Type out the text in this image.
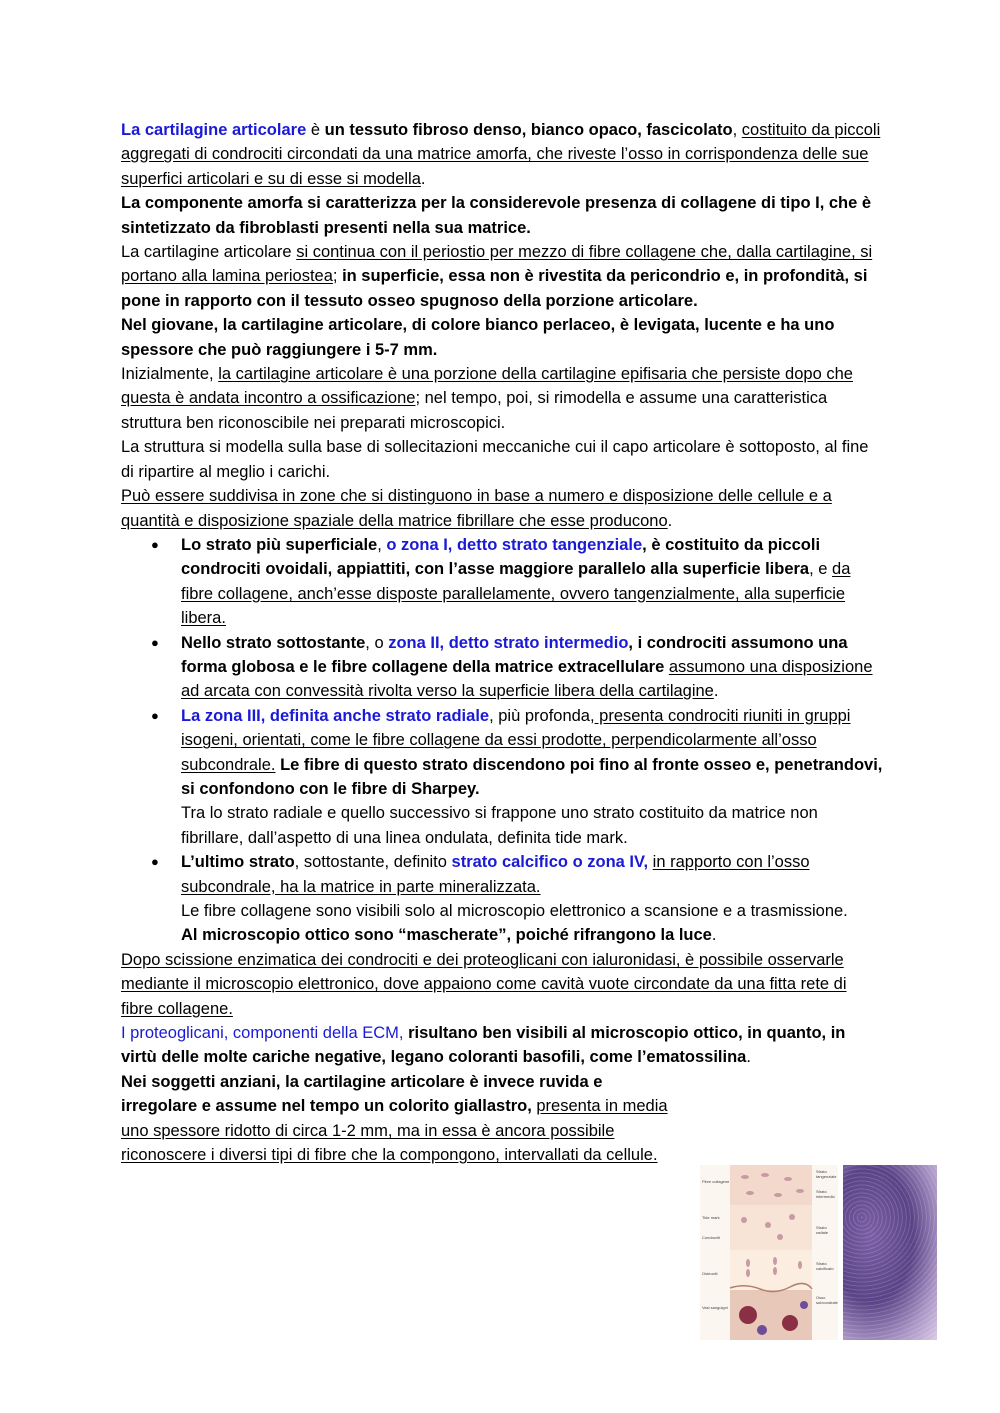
La cartilagine articolare è un tessuto fibroso denso, bianco opaco, fascicolato, costituito da piccoli aggregati di condrociti circondati da una matrice amorfa, che riveste l’osso in corrispondenza delle sue superfici articolari e su di esse si modella.

La componente amorfa si caratterizza per la considerevole presenza di collagene di tipo I, che è sintetizzato da fibroblasti presenti nella sua matrice.

La cartilagine articolare si continua con il periostio per mezzo di fibre collagene che, dalla cartilagine, si portano alla lamina periostea; in superficie, essa non è rivestita da pericondrio e, in profondità, si pone in rapporto con il tessuto osseo spugnoso della porzione articolare.

Nel giovane, la cartilagine articolare, di colore bianco perlaceo, è levigata, lucente e ha uno spessore che può raggiungere i 5-7 mm.

Inizialmente, la cartilagine articolare è una porzione della cartilagine epifisaria che persiste dopo che questa è andata incontro a ossificazione; nel tempo, poi, si rimodella e assume una caratteristica struttura ben riconoscibile nei preparati microscopici.

La struttura si modella sulla base di sollecitazioni meccaniche cui il capo articolare è sottoposto, al fine di ripartire al meglio i carichi.

Può essere suddivisa in zone che si distinguono in base a numero e disposizione delle cellule e a quantità e disposizione spaziale della matrice fibrillare che esse producono.

● Lo strato più superficiale, o zona I, detto strato tangenziale, è costituito da piccoli condrociti ovoidali, appiattiti, con l’asse maggiore parallelo alla superficie libera, e da fibre collagene, anch’esse disposte parallelamente, ovvero tangenzialmente, alla superficie libera.
● Nello strato sottostante, o zona II, detto strato intermedio, i condrociti assumono una forma globosa e le fibre collagene della matrice extracellulare assumono una disposizione ad arcata con convessità rivolta verso la superficie libera della cartilagine.
● La zona III, definita anche strato radiale, più profonda, presenta condrociti riuniti in gruppi isogeni, orientati, come le fibre collagene da essi prodotte, perpendicolarmente all’osso subcondrale. Le fibre di questo strato discendono poi fino al fronte osseo e, penetrandovi, si confondono con le fibre di Sharpey.
Tra lo strato radiale e quello successivo si frappone uno strato costituito da matrice non fibrillare, dall’aspetto di una linea ondulata, definita tide mark.
● L’ultimo strato, sottostante, definito strato calcifico o zona IV, in rapporto con l’osso subcondrale, ha la matrice in parte mineralizzata.
Le fibre collagene sono visibili solo al microscopio elettronico a scansione e a trasmissione.
Al microscopio ottico sono “mascherate”, poiché rifrangono la luce.

Dopo scissione enzimatica dei condrociti e dei proteoglicani con ialuronidasi, è possibile osservarle mediante il microscopio elettronico, dove appaiono come cavità vuote circondate da una fitta rete di fibre collagene.

I proteoglicani, componenti della ECM, risultano ben visibili al microscopio ottico, in quanto, in virtù delle molte cariche negative, legano coloranti basofili, come l’ematossilina.

Nei soggetti anziani, la cartilagine articolare è invece ruvida e irregolare e assume nel tempo un colorito giallastro, presenta in media uno spessore ridotto di circa 1-2 mm, ma in essa è ancora possibile riconoscere i diversi tipi di fibre che la compongono, intervallati da cellule.

Fibre collagene
Tide mark
Condrociti
Osteociti
Vasi sanguigni
Strato tangenziale
Strato intermedio
Strato radiale
Strato calcificato
Osso subcondrale
